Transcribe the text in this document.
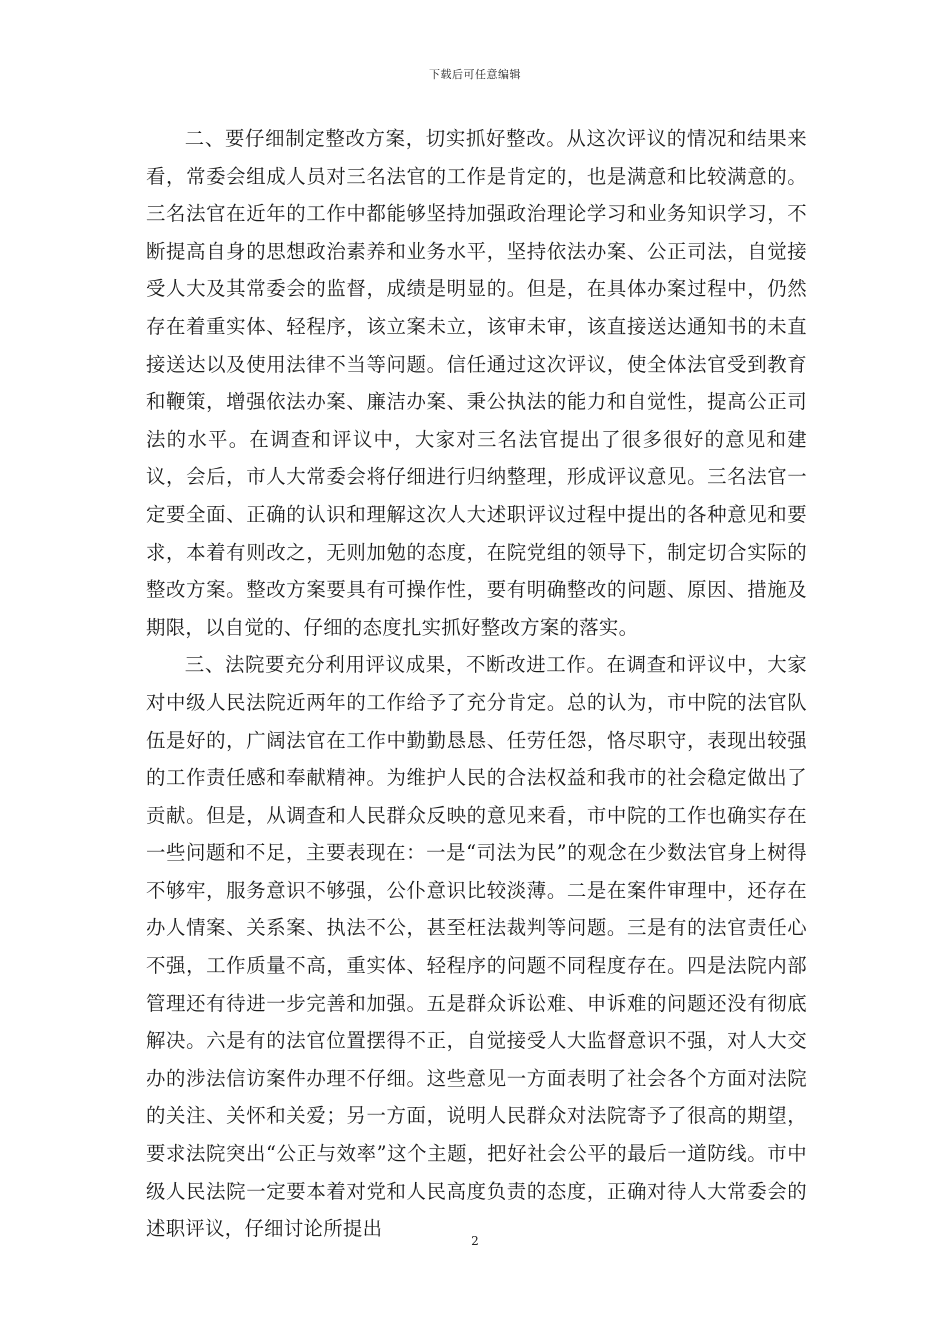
下载后可任意编辑

二、要仔细制定整改方案，切实抓好整改。从这次评议的情况和结果来看，常委会组成人员对三名法官的工作是肯定的，也是满意和比较满意的。三名法官在近年的工作中都能够坚持加强政治理论学习和业务知识学习，不断提高自身的思想政治素养和业务水平，坚持依法办案、公正司法，自觉接受人大及其常委会的监督，成绩是明显的。但是，在具体办案过程中，仍然存在着重实体、轻程序，该立案未立，该审未审，该直接送达通知书的未直接送达以及使用法律不当等问题。信任通过这次评议，使全体法官受到教育和鞭策，增强依法办案、廉洁办案、秉公执法的能力和自觉性，提高公正司法的水平。在调查和评议中，大家对三名法官提出了很多很好的意见和建议，会后，市人大常委会将仔细进行归纳整理，形成评议意见。三名法官一定要全面、正确的认识和理解这次人大述职评议过程中提出的各种意见和要求，本着有则改之，无则加勉的态度，在院党组的领导下，制定切合实际的整改方案。整改方案要具有可操作性，要有明确整改的问题、原因、措施及期限，以自觉的、仔细的态度扎实抓好整改方案的落实。

三、法院要充分利用评议成果，不断改进工作。在调查和评议中，大家对中级人民法院近两年的工作给予了充分肯定。总的认为，市中院的法官队伍是好的，广阔法官在工作中勤勤恳恳、任劳任怨，恪尽职守，表现出较强的工作责任感和奉献精神。为维护人民的合法权益和我市的社会稳定做出了贡献。但是，从调查和人民群众反映的意见来看，市中院的工作也确实存在一些问题和不足，主要表现在：一是“司法为民”的观念在少数法官身上树得不够牢，服务意识不够强，公仆意识比较淡薄。二是在案件审理中，还存在办人情案、关系案、执法不公，甚至枉法裁判等问题。三是有的法官责任心不强，工作质量不高，重实体、轻程序的问题不同程度存在。四是法院内部管理还有待进一步完善和加强。五是群众诉讼难、申诉难的问题还没有彻底解决。六是有的法官位置摆得不正，自觉接受人大监督意识不强，对人大交办的涉法信访案件办理不仔细。这些意见一方面表明了社会各个方面对法院的关注、关怀和关爱；另一方面，说明人民群众对法院寄予了很高的期望，要求法院突出“公正与效率”这个主题，把好社会公平的最后一道防线。市中级人民法院一定要本着对党和人民高度负责的态度，正确对待人大常委会的述职评议，仔细讨论所提出

2
